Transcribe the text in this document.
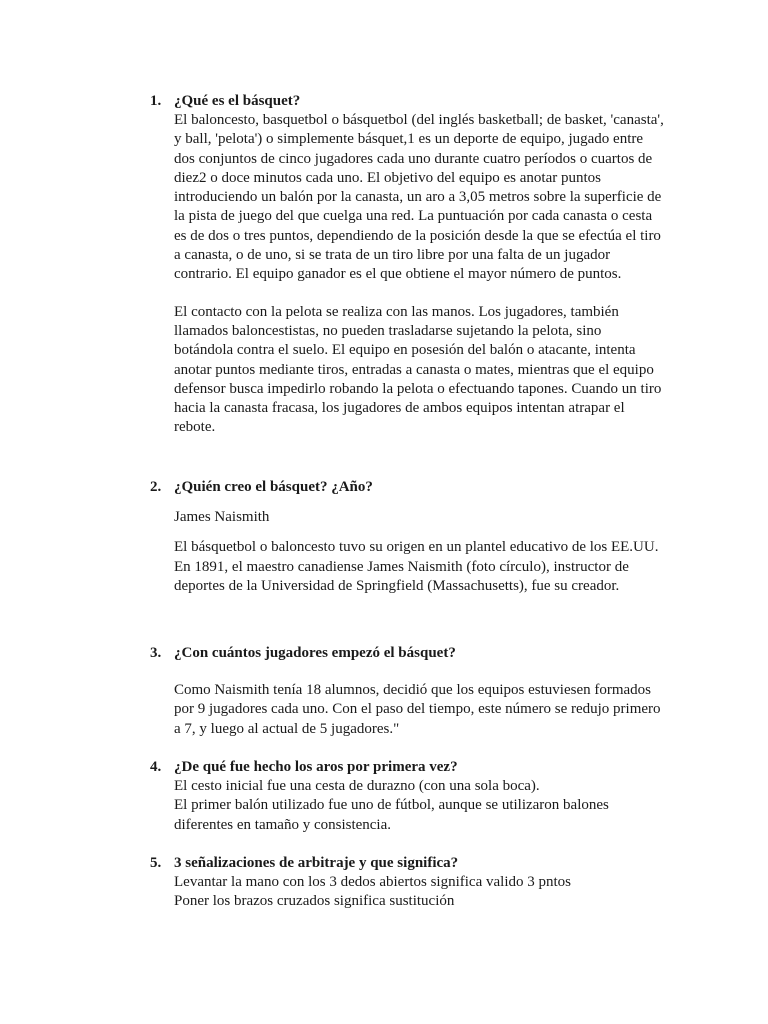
1. ¿Qué es el básquet?

El baloncesto, basquetbol o básquetbol (del inglés basketball; de basket, 'canasta', y ball, 'pelota') o simplemente básquet,1 es un deporte de equipo, jugado entre dos conjuntos de cinco jugadores cada uno durante cuatro períodos o cuartos de diez2 o doce minutos cada uno. El objetivo del equipo es anotar puntos introduciendo un balón por la canasta, un aro a 3,05 metros sobre la superficie de la pista de juego del que cuelga una red. La puntuación por cada canasta o cesta es de dos o tres puntos, dependiendo de la posición desde la que se efectúa el tiro a canasta, o de uno, si se trata de un tiro libre por una falta de un jugador contrario. El equipo ganador es el que obtiene el mayor número de puntos.

El contacto con la pelota se realiza con las manos. Los jugadores, también llamados baloncestistas, no pueden trasladarse sujetando la pelota, sino botándola contra el suelo. El equipo en posesión del balón o atacante, intenta anotar puntos mediante tiros, entradas a canasta o mates, mientras que el equipo defensor busca impedirlo robando la pelota o efectuando tapones. Cuando un tiro hacia la canasta fracasa, los jugadores de ambos equipos intentan atrapar el rebote.

2. ¿Quién creo el básquet? ¿Año?

James Naismith

El básquetbol o baloncesto tuvo su origen en un plantel educativo de los EE.UU. En 1891, el maestro canadiense James Naismith (foto círculo), instructor de deportes de la Universidad de Springfield (Massachusetts), fue su creador.

3. ¿Con cuántos jugadores empezó el básquet?

Como Naismith tenía 18 alumnos, decidió que los equipos estuviesen formados por 9 jugadores cada uno. Con el paso del tiempo, este número se redujo primero a 7, y luego al actual de 5 jugadores."

4. ¿De qué fue hecho los aros por primera vez?

El cesto inicial fue una cesta de durazno (con una sola boca).

El primer balón utilizado fue uno de fútbol, aunque se utilizaron balones diferentes en tamaño y consistencia.

5. 3 señalizaciones de arbitraje y que significa?

Levantar la mano con los 3 dedos abiertos significa valido 3 pntos

Poner los brazos cruzados significa sustitución
